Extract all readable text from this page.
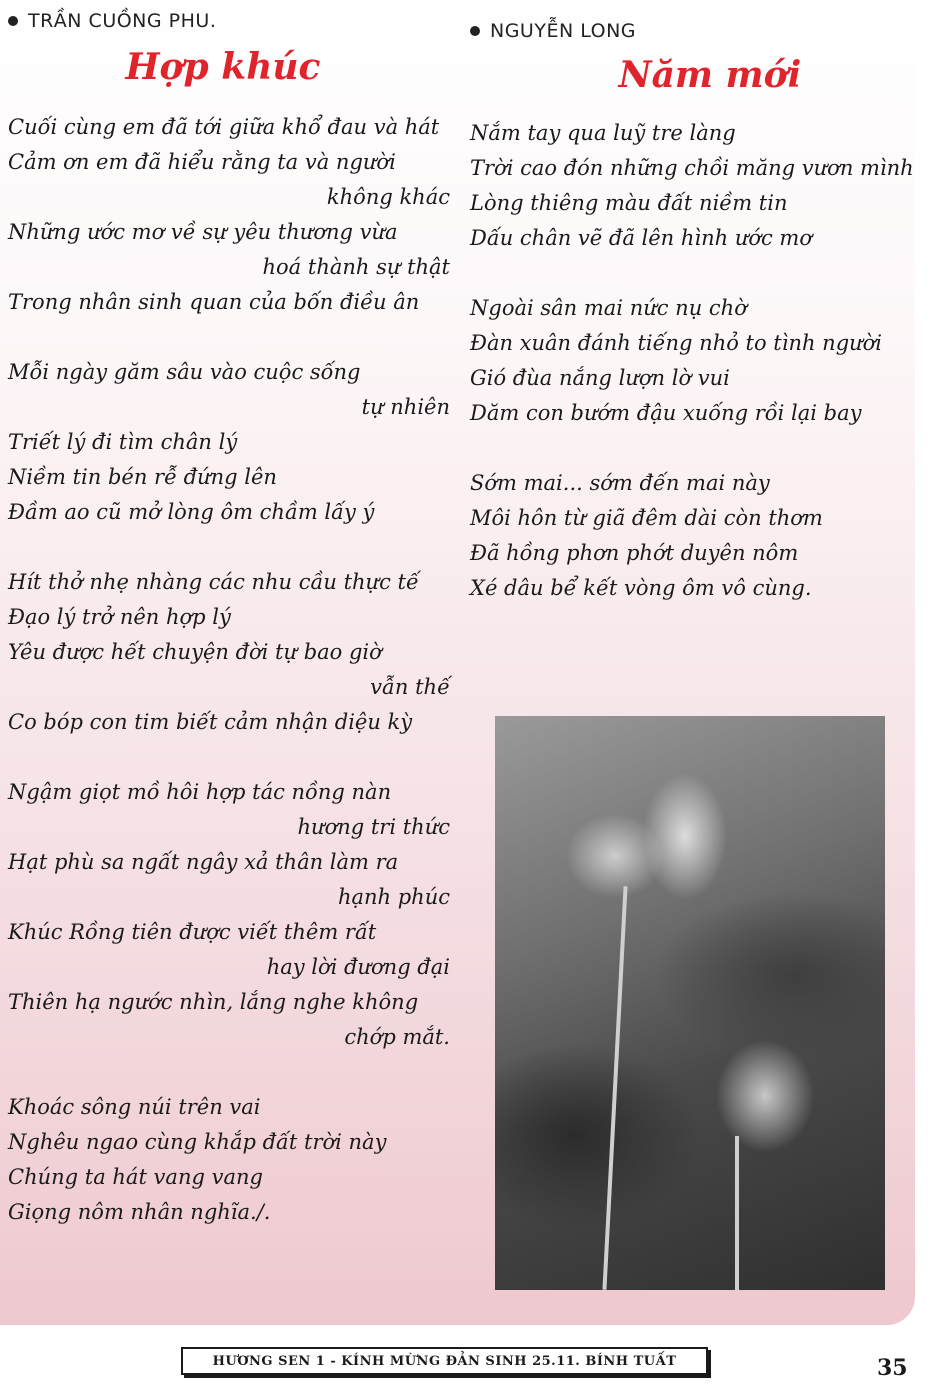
TRẦN CUỒNG PHU.
Hợp khúc
Cuối cùng em đã tới giữa khổ đau và hát
Cảm ơn em đã hiểu rằng ta và người
không khác
Những ước mơ về sự yêu thương vừa
hoá thành sự thật
Trong nhân sinh quan của bốn điều ân
Mỗi ngày găm sâu vào cuộc sống
tự nhiên
Triết lý đi tìm chân lý
Niềm tin bén rễ đứng lên
Đầm ao cũ mở lòng ôm chầm lấy ý
Hít thở nhẹ nhàng các nhu cầu thực tế
Đạo lý trở nên hợp lý
Yêu được hết chuyện đời tự bao giờ
vẫn thế
Co bóp con tim biết cảm nhận diệu kỳ
Ngậm giọt mồ hôi hợp tác nồng nàn
hương tri thức
Hạt phù sa ngất ngây xả thân làm ra
hạnh phúc
Khúc Rồng tiên được viết thêm rất
hay lời đương đại
Thiên hạ ngước nhìn, lắng nghe không
chớp mắt.
Khoác sông núi trên vai
Nghêu ngao cùng khắp đất trời này
Chúng ta hát vang vang
Giọng nôm nhân nghĩa./.
NGUYỄN LONG
Năm mới
Nắm tay qua luỹ tre làng
Trời cao đón những chồi măng vươn mình
Lòng thiêng màu đất niềm tin
Dấu chân vẽ đã lên hình ước mơ
Ngoài sân mai nức nụ chờ
Đàn xuân đánh tiếng nhỏ to tình người
Gió đùa nắng lượn lờ vui
Dăm con bướm đậu xuống rồi lại bay
Sớm mai... sớm đến mai này
Môi hôn từ giã đêm dài còn thơm
Đã hồng phơn phớt duyên nôm
Xé dâu bể kết vòng ôm vô cùng.
HƯƠNG SEN 1 - KÍNH MỪNG ĐẢN SINH 25.11. BÍNH TUẤT	35
